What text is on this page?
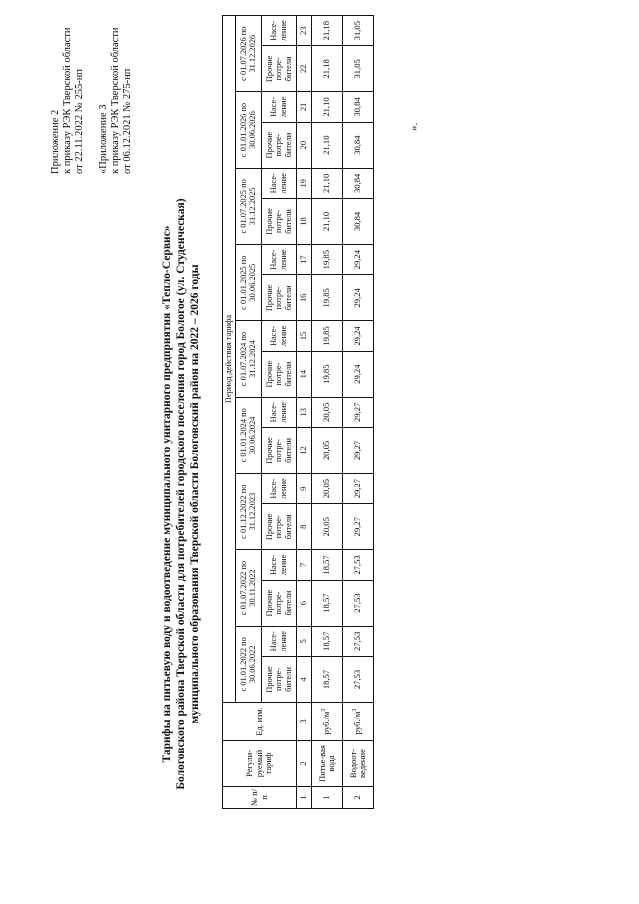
Приложение 2 к приказу РЭК Тверской области от 22.11.2022 № 255-нп «Приложение 3 к приказу РЭК Тверской области от 06.12.2021 № 275-нп
Тарифы на питьевую воду и водоотведение муниципального унитарного предприятия «Тепло-Сервис» Бологовского района Тверской области для потребителей городского поселения город Бологое (ул. Студенческая) муниципального образования Тверской области Бологовский район на 2022 – 2026 годы
№ п/п	Регули-руемый тариф	Ед. изм.	Период действия тарифа																	
			с 01.01.2022 по 30.06.2022		с 01.07.2022 по 30.11.2022		с 01.12.2022 по 31.12.2023		с 01.01.2024 по 30.06.2024		с 01.07.2024 по 31.12.2024		с 01.01.2025 по 30.06.2025		с 01.07.2025 по 31.12.2025		с 01.01.2026 по 30.06.2026		с 01.07.2026 по 31.12.2026	
			Прочие потре-бители	Насе-ление	Прочие потре-бители	Насе-ление	Прочие потре-бители	Насе-ление	Прочие потре-бители	Насе-ление	Прочие потре-бители	Насе-ление	Прочие потре-бители	Насе-ление	Прочие потре-бители	Насе-ление	Прочие потре-бители	Насе-ление	Прочие потре-бители	Насе-ление
1	2	3	4	5	6	7	8	9	12	13	14	15	16	17	18	19	20	21	22	23
1	Питье-вая вода	$руб./м^3$	18,57	18,57	18,57	18,57	20,05	20,05	20,05	20,05	19,85	19,85	19,85	19,85	21,10	21,10	21,10	21,10	21,18	21,18
2	Водоот-ведение	$руб./м^3$	27,53	27,53	27,53	27,53	29,27	29,27	29,27	29,27	29,24	29,24	29,24	29,24	30,84	30,84	30,84	30,84	31,05	31,05
».
